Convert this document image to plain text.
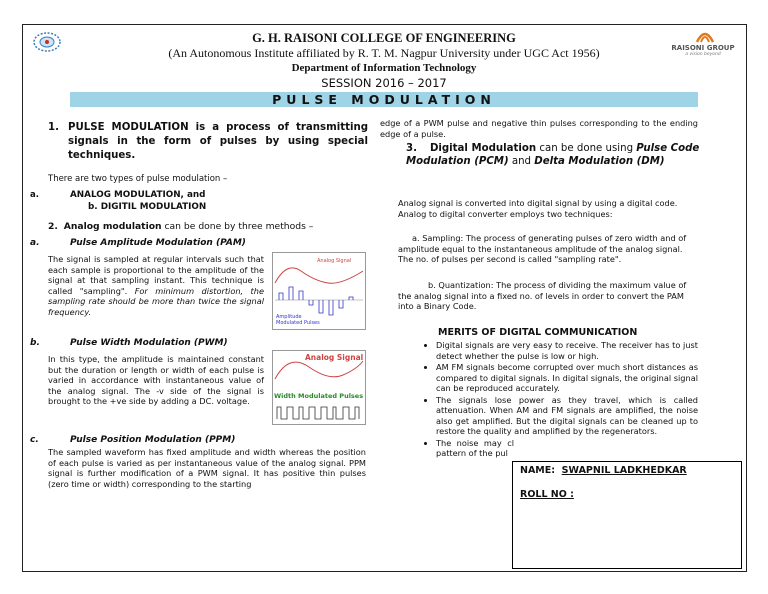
RAISONI GROUP
a vision beyond
G. H. RAISONI COLLEGE OF ENGINEERING
(An Autonomous Institute affiliated by R. T. M. Nagpur University under UGC Act 1956)
Department of Information Technology
SESSION 2016 – 2017
PULSE MODULATION
1. PULSE MODULATION is a process of transmitting signals in the form of pulses by using special techniques.
There are two types of pulse modulation –
a.	ANALOG MODULATION, and
b. DIGITIL MODULATION
2. Analog modulation can be done by three methods –
a.	Pulse Amplitude Modulation (PAM)
The signal is sampled at regular intervals such that each sample is proportional to the amplitude of the signal at that sampling instant. This technique is called "sampling". For minimum distortion, the sampling rate should be more than twice the signal frequency.
Analog Signal
Amplitude Modulated Pulses
b.	Pulse Width Modulation (PWM)
In this type, the amplitude is maintained constant but the duration or length or width of each pulse is varied in accordance with instantaneous value of the analog signal. The -v side of the signal is brought to the +ve side by adding a DC. voltage.
Analog Signal
Width Modulated Pulses
c.	Pulse Position Modulation (PPM)
The sampled waveform has fixed amplitude and width whereas the position of each pulse is varied as per instantaneous value of the analog signal. PPM signal is further modification of a PWM signal. It has positive thin pulses (zero time or width) corresponding to the starting
edge of a PWM pulse and negative thin pulses corresponding to the ending edge of a pulse.
3. Digital Modulation can be done using Pulse Code Modulation (PCM) and Delta Modulation (DM)
Analog signal is converted into digital signal by using a digital code. Analog to digital converter employs two techniques:
a. Sampling: The process of generating pulses of zero width and of amplitude equal to the instantaneous amplitude of the analog signal. The no. of pulses per second is called "sampling rate".
b. Quantization: The process of dividing the maximum value of the analog signal into a fixed no. of levels in order to convert the PAM into a Binary Code.
MERITS OF DIGITAL COMMUNICATION
• Digital signals are very easy to receive. The receiver has to just detect whether the pulse is low or high.
• AM FM signals become corrupted over much short distances as compared to digital signals. In digital signals, the original signal can be reproduced accurately.
• The signals lose power as they travel, which is called attenuation. When AM and FM signals are amplified, the noise also get amplified. But the digital signals can be cleaned up to restore the quality and amplified by the regenerators.
• The noise may cl pattern of the pul
NAME: SWAPNIL LADKHEDKAR
ROLL NO :
